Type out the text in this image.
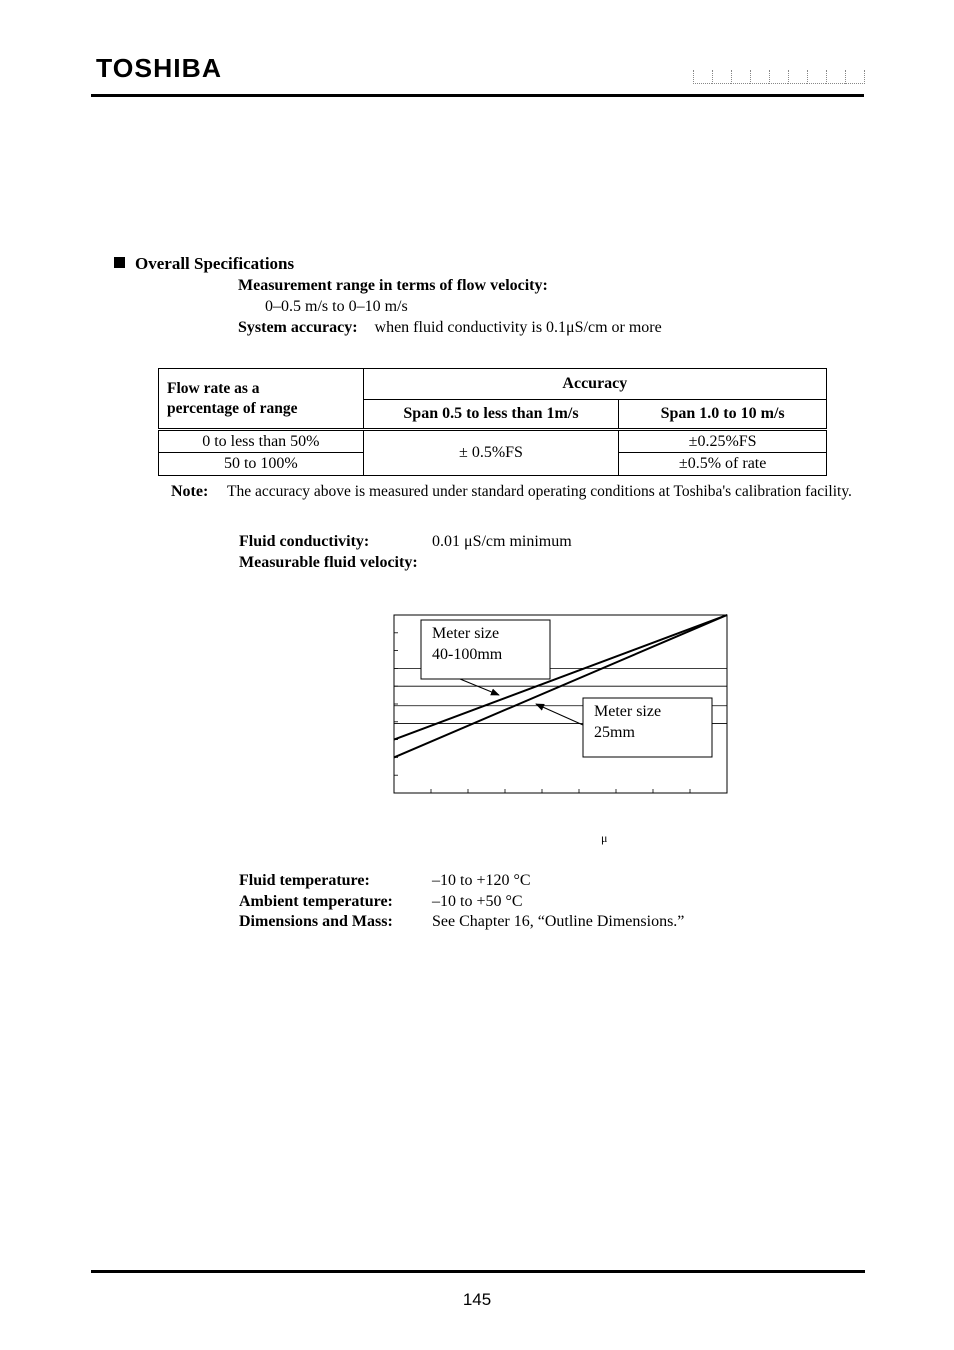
TOSHIBA
Overall Specifications
Measurement range in terms of flow velocity:
0–0.5 m/s to 0–10 m/s
System accuracy: when fluid conductivity is 0.1μS/cm or more
Flow rate as a
percentage of range	Accuracy	
	Span 0.5 to less than 1m/s	Span 1.0 to 10 m/s
0 to less than 50%	± 0.5%FS	±0.25%FS
50 to 100%		±0.5% of rate
Note:	The accuracy above is measured under standard operating conditions at Toshiba's calibration facility.
Fluid conductivity:	0.01 μS/cm minimum
Measurable fluid velocity:
Meter size
40-100mm
Meter size
25mm
μ
Fluid temperature:	–10 to +120 °C
Ambient temperature: –10 to +50 °C
Dimensions and Mass: See Chapter 16, “Outline Dimensions.”
145
